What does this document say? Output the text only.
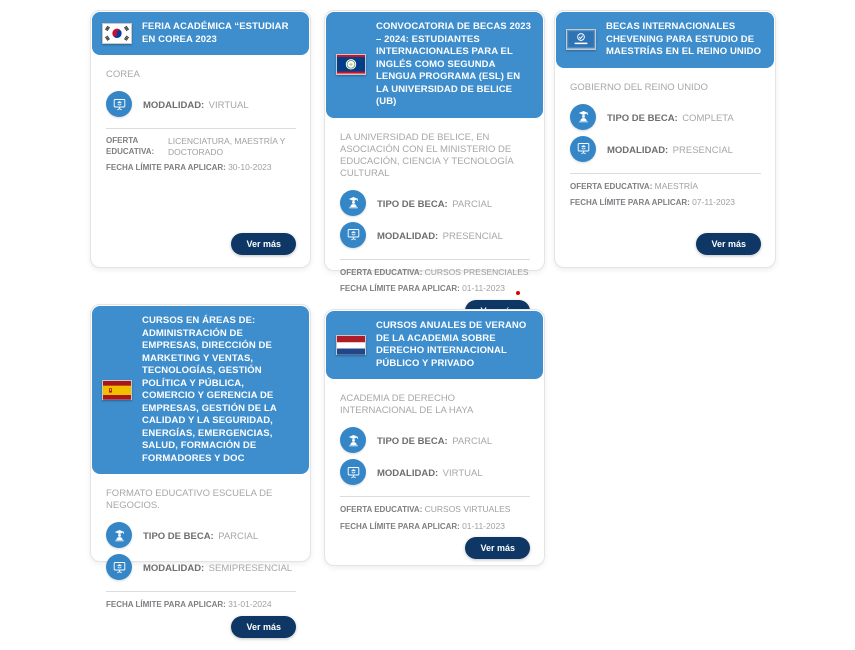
FERIA ACADÉMICA “ESTUDIAR EN COREA 2023

COREA

MODALIDAD: VIRTUAL

OFERTA EDUCATIVA:
LICENCIATURA, MAESTRÍA Y DOCTORADO

FECHA LÍMITE PARA APLICAR: 30-10-2023

Ver más
CONVOCATORIA DE BECAS 2023 – 2024: ESTUDIANTES INTERNACIONALES PARA EL INGLÉS COMO SEGUNDA LENGUA PROGRAMA (ESL) EN LA UNIVERSIDAD DE BELICE (UB)

LA UNIVERSIDAD DE BELICE, EN ASOCIACIÓN CON EL MINISTERIO DE EDUCACIÓN, CIENCIA Y TECNOLOGÍA CULTURAL

TIPO DE BECA: PARCIAL

MODALIDAD: PRESENCIAL

OFERTA EDUCATIVA: CURSOS PRESENCIALES

FECHA LÍMITE PARA APLICAR: 01-11-2023

BECAS INTERNACIONALES CHEVENING PARA ESTUDIO DE MAESTRÍAS EN EL REINO UNIDO

GOBIERNO DEL REINO UNIDO

TIPO DE BECA: COMPLETA

MODALIDAD: PRESENCIAL

OFERTA EDUCATIVA: MAESTRÍA

FECHA LÍMITE PARA APLICAR: 07-11-2023

Ver más
CURSOS EN ÁREAS DE: ADMINISTRACIÓN DE EMPRESAS, DIRECCIÓN DE MARKETING Y VENTAS, TECNOLOGÍAS, GESTIÓN POLÍTICA Y PÚBLICA, COMERCIO Y GERENCIA DE EMPRESAS, GESTIÓN DE LA CALIDAD Y LA SEGURIDAD, ENERGÍAS, EMERGENCIAS, SALUD, FORMACIÓN DE FORMADORES Y DOC

FORMATO EDUCATIVO ESCUELA DE NEGOCIOS.

TIPO DE BECA: PARCIAL

MODALIDAD: SEMIPRESENCIAL

FECHA LÍMITE PARA APLICAR: 31-01-2024

Ver más
CURSOS ANUALES DE VERANO DE LA ACADEMIA SOBRE DERECHO INTERNACIONAL PÚBLICO Y PRIVADO

ACADEMIA DE DERECHO INTERNACIONAL DE LA HAYA

TIPO DE BECA: PARCIAL

MODALIDAD: VIRTUAL

OFERTA EDUCATIVA: CURSOS VIRTUALES

FECHA LÍMITE PARA APLICAR: 01-11-2023

Ver más
